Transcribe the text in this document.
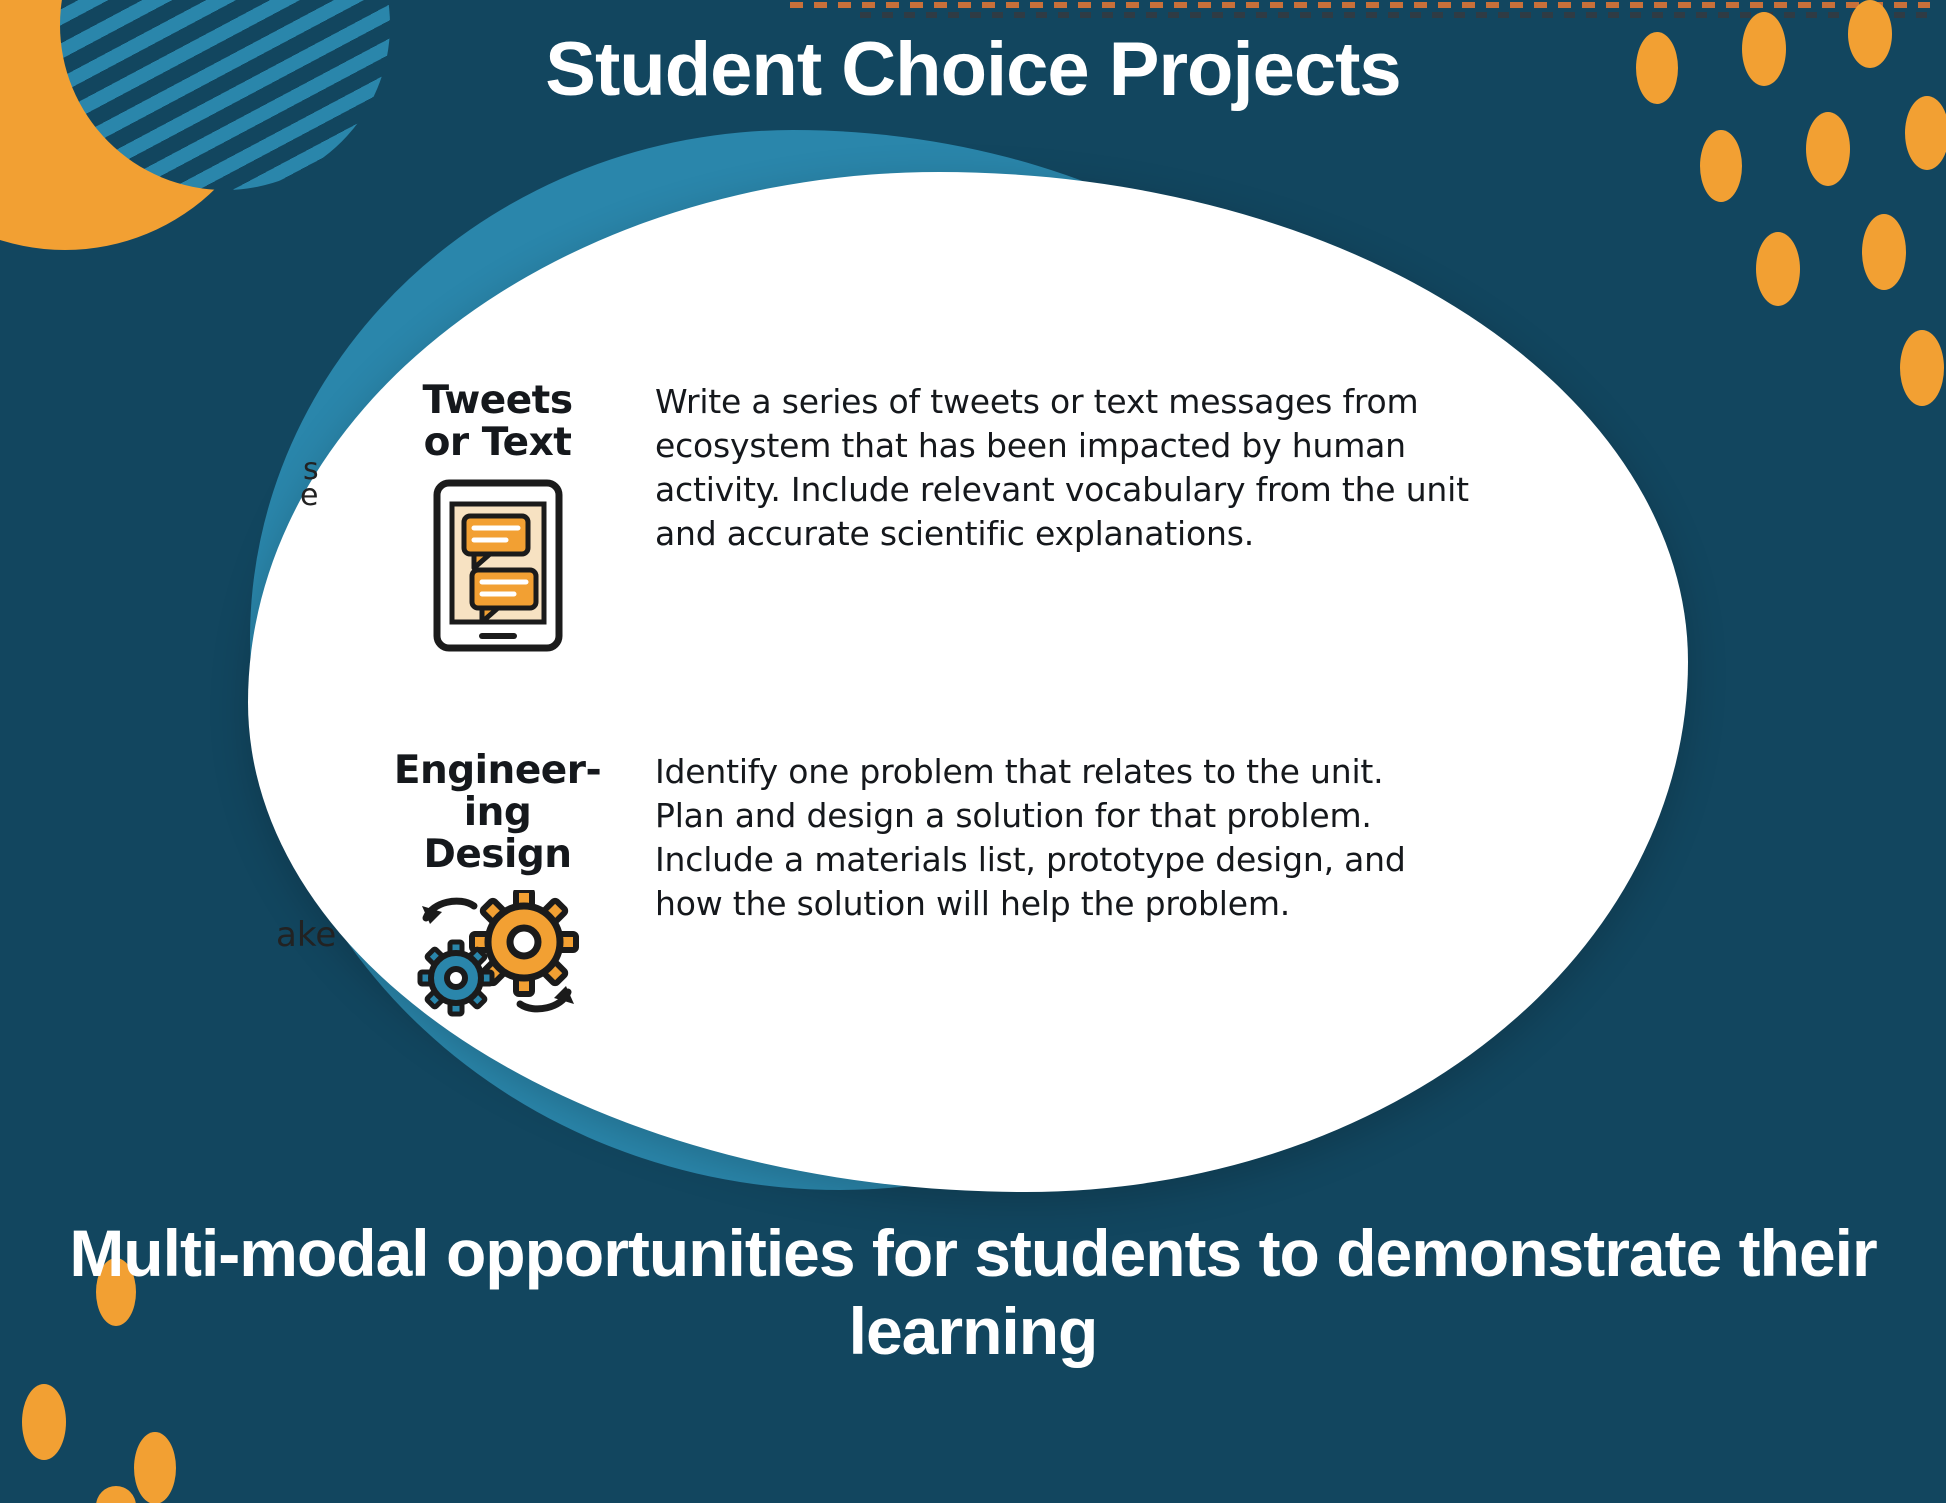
Student Choice Projects
s
e
ake
Tweets
or Text
Write a series of tweets or text messages from
ecosystem that has been impacted by human
activity. Include relevant vocabulary from the unit
and accurate scientific explanations.
Engineer-
ing
Design
Identify one problem that relates to the unit.
Plan and design a solution for that problem.
Include a materials list, prototype design, and
how the solution will help the problem.
Multi-modal opportunities for students to demonstrate their learning
